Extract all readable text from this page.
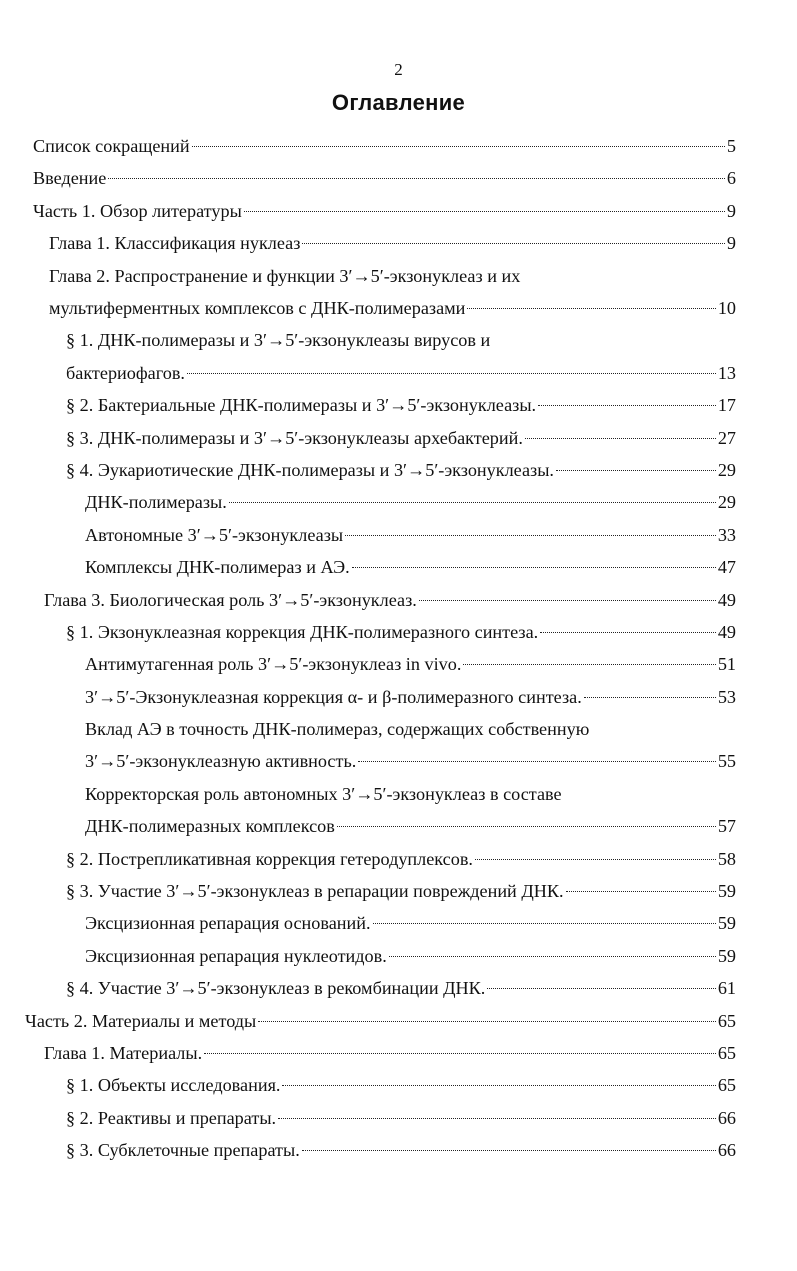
2
Оглавление
Список сокращений	5
Введение	6
Часть 1. Обзор литературы	9
Глава 1. Классификация нуклеаз	9
Глава 2. Распространение и функции 3′→5′-экзонуклеаз и их
мультиферментных комплексов с ДНК-полимеразами	10
§ 1. ДНК-полимеразы и 3′→5′-экзонуклеазы вирусов и
бактериофагов.	13
§ 2. Бактериальные ДНК-полимеразы и 3′→5′-экзонуклеазы.	17
§ 3. ДНК-полимеразы и 3′→5′-экзонуклеазы архебактерий.	27
§ 4. Эукариотические ДНК-полимеразы и 3′→5′-экзонуклеазы.	29
ДНК-полимеразы.	29
Автономные 3′→5′-экзонуклеазы	33
Комплексы ДНК-полимераз и АЭ.	47
Глава 3. Биологическая роль 3′→5′-экзонуклеаз.	49
§ 1. Экзонуклеазная коррекция ДНК-полимеразного синтеза.	49
Антимутагенная роль 3′→5′-экзонуклеаз in vivo.	51
3′→5′-Экзонуклеазная коррекция α- и β-полимеразного синтеза.	53
Вклад АЭ в точность ДНК-полимераз, содержащих собственную
3′→5′-экзонуклеазную активность.	55
Корректорская роль автономных 3′→5′-экзонуклеаз в составе
ДНК-полимеразных комплексов	57
§ 2. Пострепликативная коррекция гетеродуплексов.	58
§ 3. Участие 3′→5′-экзонуклеаз в репарации повреждений ДНК.	59
Эксцизионная репарация оснований.	59
Эксцизионная репарация нуклеотидов.	59
§ 4. Участие 3′→5′-экзонуклеаз в рекомбинации ДНК.	61
Часть 2. Материалы и методы	65
Глава 1. Материалы.	65
§ 1. Объекты исследования.	65
§ 2. Реактивы и препараты.	66
§ 3. Субклеточные препараты.	66
